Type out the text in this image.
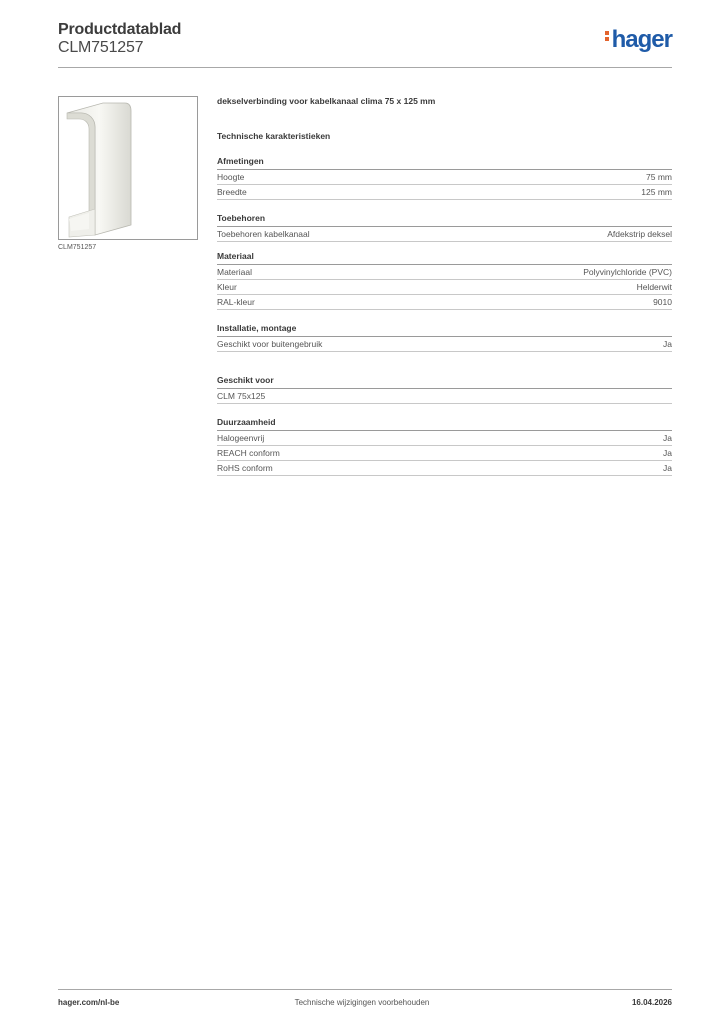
Productdatablad
CLM751257	hager
CLM751257
dekselverbinding voor kabelkanaal clima 75 x 125 mm
Technische karakteristieken
Afmetingen
Hoogte	75 mm
Breedte	125 mm
Toebehoren
Toebehoren kabelkanaal	Afdekstrip deksel
Materiaal
Materiaal	Polyvinylchloride (PVC)
Kleur	Helderwit
RAL-kleur	9010
Installatie, montage
Geschikt voor buitengebruik	Ja
Geschikt voor
CLM 75x125
Duurzaamheid
Halogeenvrij	Ja
REACH conform	Ja
RoHS conform	Ja
hager.com/nl-be	Technische wijzigingen voorbehouden	16.04.2026
